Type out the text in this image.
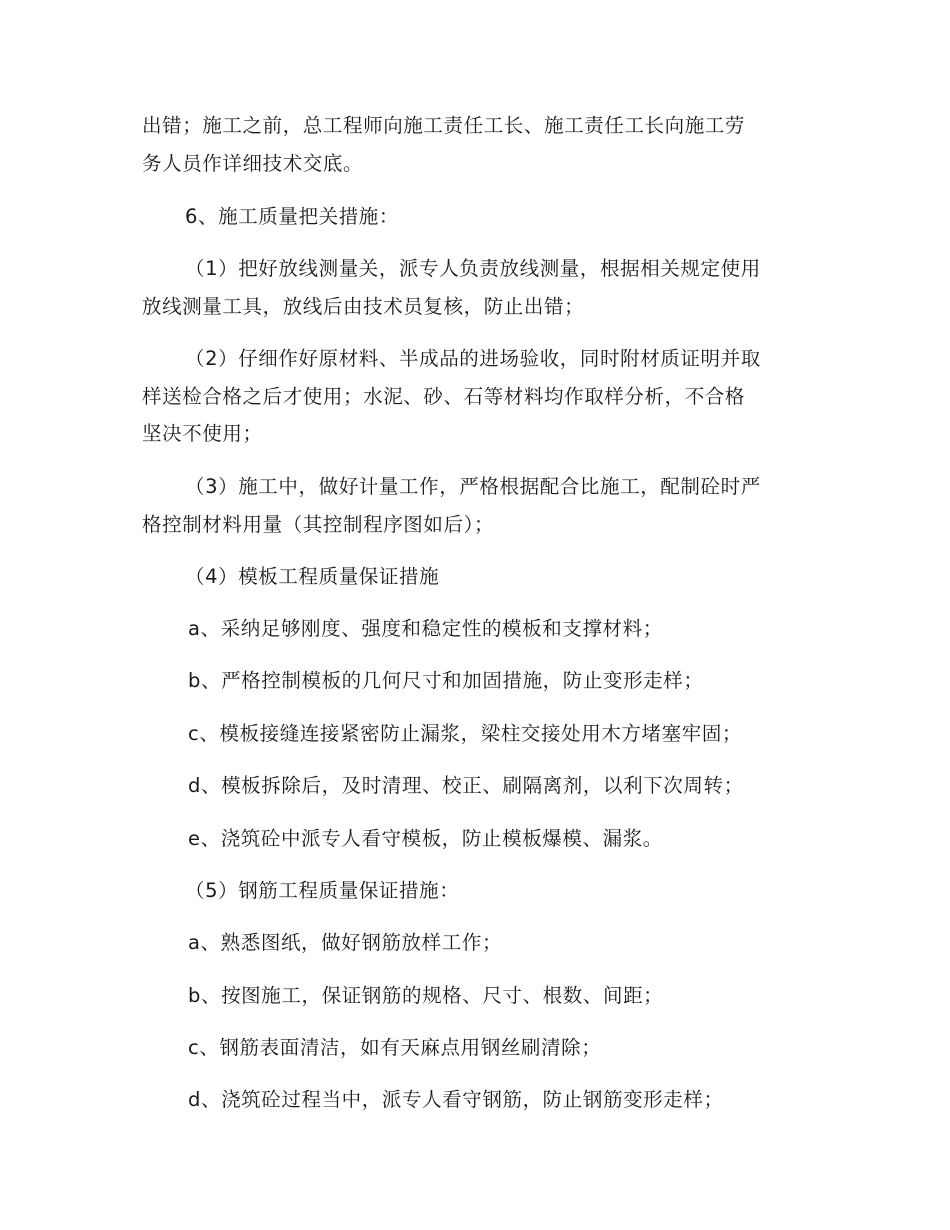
出错；施工之前，总工程师向施工责任工长、施工责任工长向施工劳
务人员作详细技术交底。
6、施工质量把关措施：
（1）把好放线测量关，派专人负责放线测量，根据相关规定使用
放线测量工具，放线后由技术员复核，防止出错；
（2）仔细作好原材料、半成品的进场验收，同时附材质证明并取
样送检合格之后才使用；水泥、砂、石等材料均作取样分析，不合格
坚决不使用；
（3）施工中，做好计量工作，严格根据配合比施工，配制砼时严
格控制材料用量（其控制程序图如后）；
（4）模板工程质量保证措施
a、采纳足够刚度、强度和稳定性的模板和支撑材料；
b、严格控制模板的几何尺寸和加固措施，防止变形走样；
c、模板接缝连接紧密防止漏浆，梁柱交接处用木方堵塞牢固；
d、模板拆除后，及时清理、校正、刷隔离剂，以利下次周转；
e、浇筑砼中派专人看守模板，防止模板爆模、漏浆。
（5）钢筋工程质量保证措施：
a、熟悉图纸，做好钢筋放样工作；
b、按图施工，保证钢筋的规格、尺寸、根数、间距；
c、钢筋表面清洁，如有天麻点用钢丝刷清除；
d、浇筑砼过程当中，派专人看守钢筋，防止钢筋变形走样；
